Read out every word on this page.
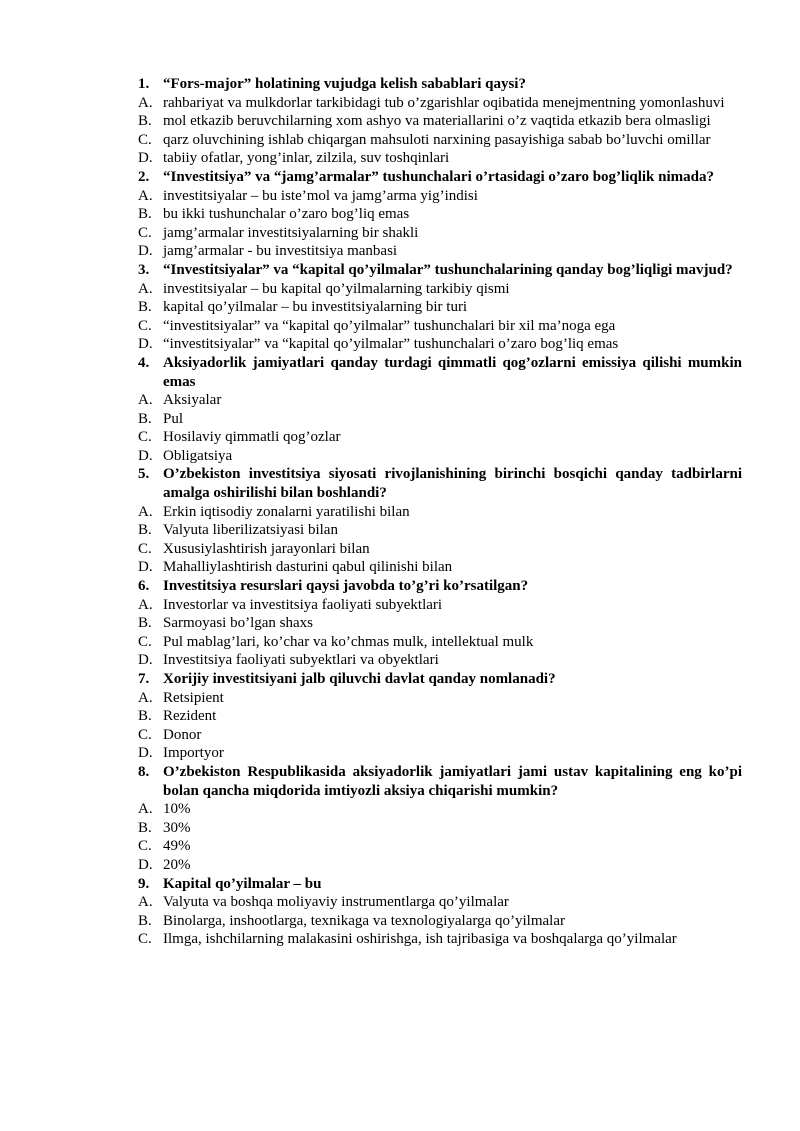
1. “Fors-major” holatining vujudga kelish sabablari qaysi?
A. rahbariyat va mulkdorlar tarkibidagi tub o’zgarishlar oqibatida menejmentning yomonlashuvi
B. mol etkazib beruvchilarning xom ashyo va materiallarini o’z vaqtida etkazib bera olmasligi
C. qarz oluvchining ishlab chiqargan mahsuloti narxining pasayishiga sabab bo’luvchi omillar
D. tabiiy ofatlar, yong’inlar, zilzila, suv toshqinlari
2. “Investitsiya” va “jamg’armalar” tushunchalari o’rtasidagi o’zaro bog’liqlik nimada?
A. investitsiyalar – bu iste’mol va jamg’arma yig’indisi
B. bu ikki tushunchalar o’zaro bog’liq emas
C. jamg’armalar investitsiyalarning bir shakli
D. jamg’armalar - bu investitsiya manbasi
3. “Investitsiyalar” va “kapital qo’yilmalar” tushunchalarining qanday bog’liqligi mavjud?
A. investitsiyalar – bu kapital qo’yilmalarning tarkibiy qismi
B. kapital qo’yilmalar – bu investitsiyalarning bir turi
C. “investitsiyalar” va “kapital qo’yilmalar” tushunchalari bir xil ma’noga ega
D. “investitsiyalar” va “kapital qo’yilmalar” tushunchalari o’zaro bog’liq emas
4. Aksiyadorlik jamiyatlari qanday turdagi qimmatli qog’ozlarni emissiya qilishi mumkin emas
A. Aksiyalar
B. Pul
C. Hosilaviy qimmatli qog’ozlar
D. Obligatsiya
5. O’zbekiston investitsiya siyosati rivojlanishining birinchi bosqichi qanday tadbirlarni amalga oshirilishi bilan boshlandi?
A. Erkin iqtisodiy zonalarni yaratilishi bilan
B. Valyuta liberilizatsiyasi bilan
C. Xususiylashtirish jarayonlari bilan
D. Mahalliylashtirish dasturini qabul qilinishi bilan
6. Investitsiya resurslari qaysi javobda to’g’ri ko’rsatilgan?
A. Investorlar va investitsiya faoliyati subyektlari
B. Sarmoyasi bo’lgan shaxs
C. Pul mablag’lari, ko’char va ko’chmas mulk, intellektual mulk
D. Investitsiya faoliyati subyektlari va obyektlari
7. Xorijiy investitsiyani jalb qiluvchi davlat qanday nomlanadi?
A. Retsipient
B. Rezident
C. Donor
D. Importyor
8. O’zbekiston Respublikasida aksiyadorlik jamiyatlari jami ustav kapitalining eng ko’pi bolan qancha miqdorida imtiyozli aksiya chiqarishi mumkin?
A. 10%
B. 30%
C. 49%
D. 20%
9. Kapital qo’yilmalar – bu
A. Valyuta va boshqa moliyaviy instrumentlarga qo’yilmalar
B. Binolarga, inshootlarga, texnikaga va texnologiyalarga qo’yilmalar
C. Ilmga, ishchilarning malakasini oshirishga, ish tajribasiga va boshqalarga qo’yilmalar
